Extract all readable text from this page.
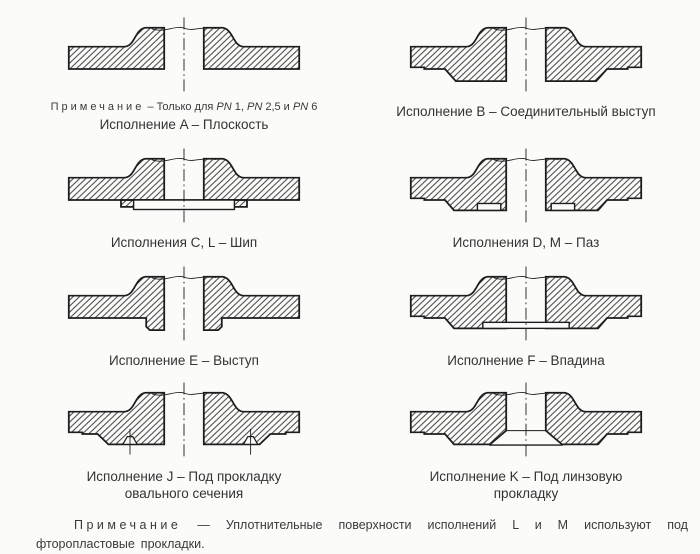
Примечание – Только для PN 1, PN 2,5 и PN 6
Исполнение A – Плоскость
Исполнение B – Соединительный выступ
Исполнения C, L – Шип	Исполнения D, M – Паз
Исполнение E – Выступ	Исполнение F – Впадина
Исполнение J – Под прокладку
овального сечения
Исполнение K – Под линзовую
прокладку

Примечание — Уплотнительные поверхности исполнений L и M используют под фторопластовые прокладки.
